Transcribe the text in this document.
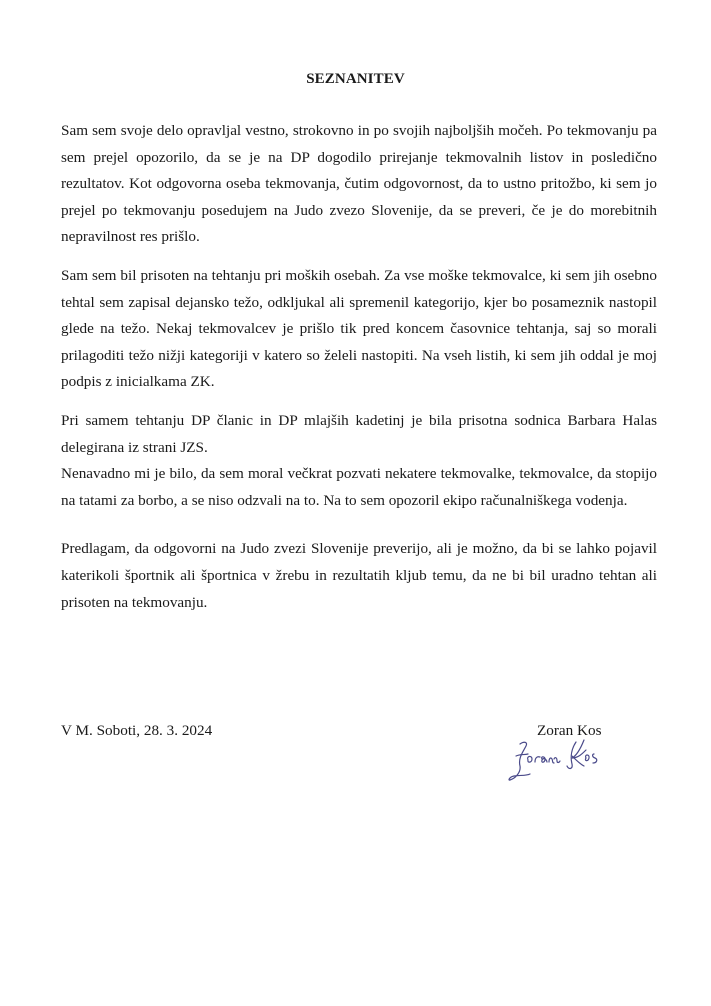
SEZNANITEV

Sam sem svoje delo opravljal vestno, strokovno in po svojih najboljših močeh. Po tekmovanju pa sem prejel opozorilo, da se je na DP dogodilo prirejanje tekmovalnih listov in posledično rezultatov. Kot odgovorna oseba tekmovanja, čutim odgovornost, da to ustno pritožbo, ki sem jo prejel po tekmovanju posedujem na Judo zvezo Slovenije, da se preveri, če je do morebitnih nepravilnost res prišlo.

Sam sem bil prisoten na tehtanju pri moških osebah. Za vse moške tekmovalce, ki sem jih osebno tehtal sem zapisal dejansko težo, odkljukal ali spremenil kategorijo, kjer bo posameznik nastopil glede na težo. Nekaj tekmovalcev je prišlo tik pred koncem časovnice tehtanja, saj so morali prilagoditi težo nižji kategoriji v katero so želeli nastopiti. Na vseh listih, ki sem jih oddal je moj podpis z inicialkama ZK.

Pri samem tehtanju DP članic in DP mlajših kadetinj je bila prisotna sodnica Barbara Halas delegirana iz strani JZS.

Nenavadno mi je bilo, da sem moral večkrat pozvati nekatere tekmovalke, tekmovalce, da stopijo na tatami za borbo, a se niso odzvali na to. Na to sem opozoril ekipo računalniškega vodenja.

Predlagam, da odgovorni na Judo zvezi Slovenije preverijo, ali je možno, da bi se lahko pojavil katerikoli športnik ali športnica v žrebu in rezultatih kljub temu, da ne bi bil uradno tehtan ali prisoten na tekmovanju.

V M. Soboti, 28. 3. 2024	Zoran Kos
